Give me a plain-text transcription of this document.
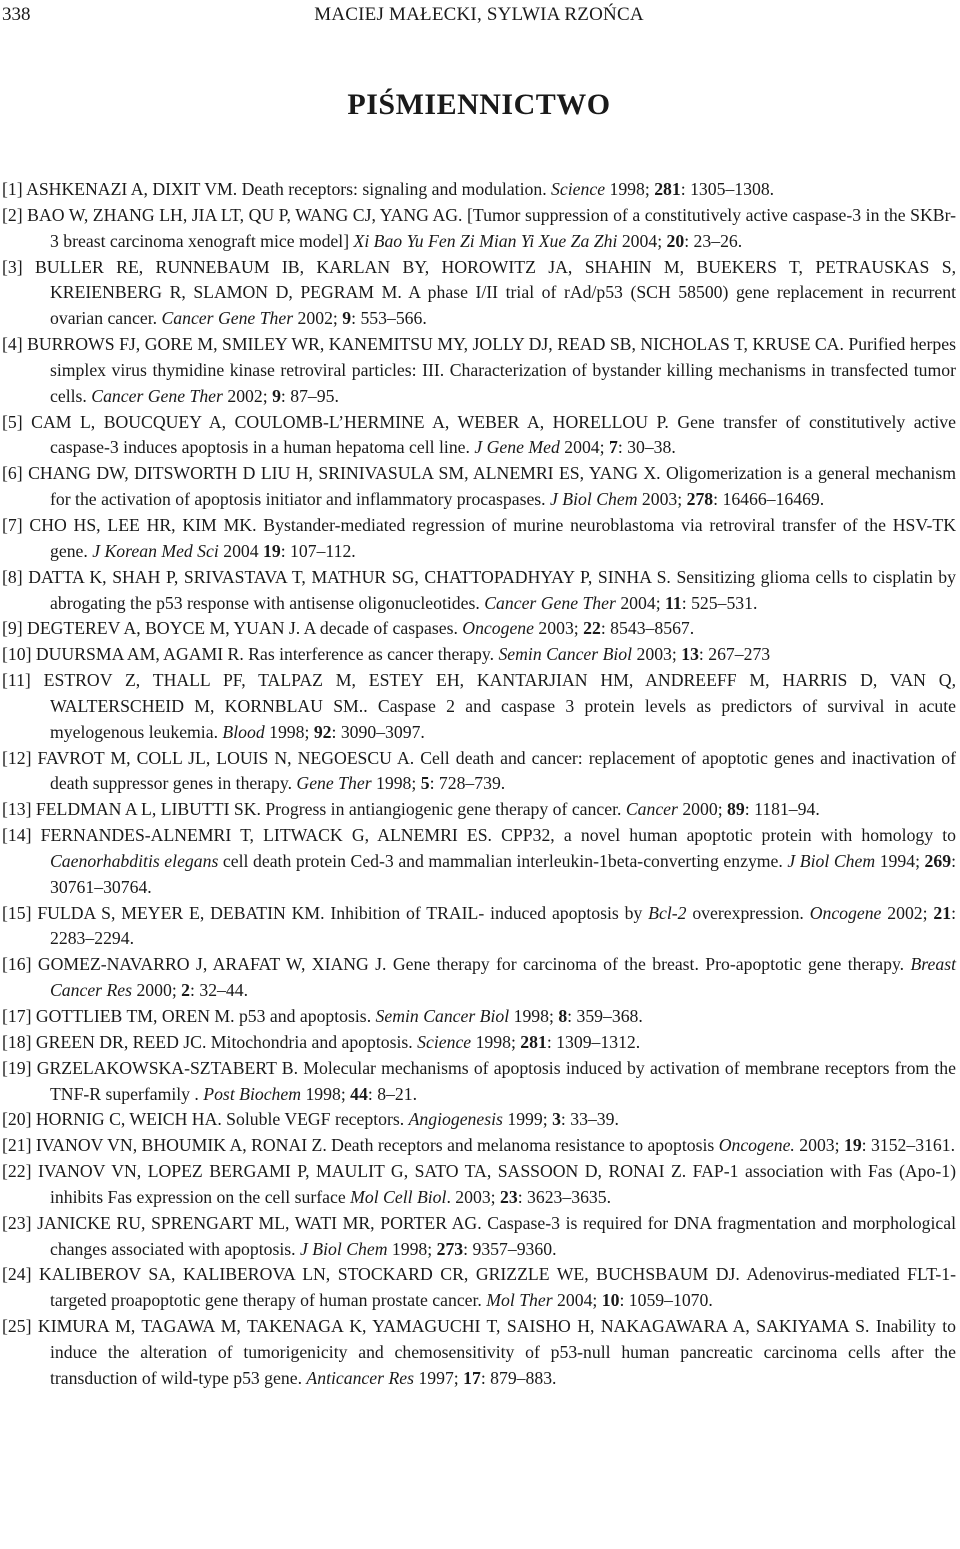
338	MACIEJ MAŁECKI, SYLWIA RZOŃCA
PIŚMIENNICTWO
[1] ASHKENAZI A, DIXIT VM. Death receptors: signaling and modulation. Science 1998; 281: 1305–1308.
[2] BAO W, ZHANG LH, JIA LT, QU P, WANG CJ, YANG AG. [Tumor suppression of a constitutively active caspase-3 in the SKBr-3 breast carcinoma xenograft mice model] Xi Bao Yu Fen Zi Mian Yi Xue Za Zhi 2004; 20: 23–26.
[3] BULLER RE, RUNNEBAUM IB, KARLAN BY, HOROWITZ JA, SHAHIN M, BUEKERS T, PETRAUSKAS S, KREIENBERG R, SLAMON D, PEGRAM M. A phase I/II trial of rAd/p53 (SCH 58500) gene replacement in recurrent ovarian cancer. Cancer Gene Ther 2002; 9: 553–566.
[4] BURROWS FJ, GORE M, SMILEY WR, KANEMITSU MY, JOLLY DJ, READ SB, NICHOLAS T, KRUSE CA. Purified herpes simplex virus thymidine kinase retroviral particles: III. Characterization of bystander killing mechanisms in transfected tumor cells. Cancer Gene Ther 2002; 9: 87–95.
[5] CAM L, BOUCQUEY A, COULOMB-L’HERMINE A, WEBER A, HORELLOU P. Gene transfer of constitutively active caspase-3 induces apoptosis in a human hepatoma cell line. J Gene Med 2004; 7: 30–38.
[6] CHANG DW, DITSWORTH D LIU H, SRINIVASULA SM, ALNEMRI ES, YANG X. Oligomerization is a general mechanism for the activation of apoptosis initiator and inflammatory procaspases. J Biol Chem 2003; 278: 16466–16469.
[7] CHO HS, LEE HR, KIM MK. Bystander-mediated regression of murine neuroblastoma via retroviral transfer of the HSV-TK gene. J Korean Med Sci 2004 19: 107–112.
[8] DATTA K, SHAH P, SRIVASTAVA T, MATHUR SG, CHATTOPADHYAY P, SINHA S. Sensitizing glioma cells to cisplatin by abrogating the p53 response with antisense oligonucleotides. Cancer Gene Ther 2004; 11: 525–531.
[9] DEGTEREV A, BOYCE M, YUAN J. A decade of caspases. Oncogene 2003; 22: 8543–8567.
[10] DUURSMA AM, AGAMI R. Ras interference as cancer therapy. Semin Cancer Biol 2003; 13: 267–273
[11] ESTROV Z, THALL PF, TALPAZ M, ESTEY EH, KANTARJIAN HM, ANDREEFF M, HARRIS D, VAN Q, WALTERSCHEID M, KORNBLAU SM.. Caspase 2 and caspase 3 protein levels as predictors of survival in acute myelogenous leukemia. Blood 1998; 92: 3090–3097.
[12] FAVROT M, COLL JL, LOUIS N, NEGOESCU A. Cell death and cancer: replacement of apoptotic genes and inactivation of death suppressor genes in therapy. Gene Ther 1998; 5: 728–739.
[13] FELDMAN A L, LIBUTTI SK. Progress in antiangiogenic gene therapy of cancer. Cancer 2000; 89: 1181–94.
[14] FERNANDES-ALNEMRI T, LITWACK G, ALNEMRI ES. CPP32, a novel human apoptotic protein with homology to Caenorhabditis elegans cell death protein Ced-3 and mammalian interleukin-1beta-converting enzyme. J Biol Chem 1994; 269: 30761–30764.
[15] FULDA S, MEYER E, DEBATIN KM. Inhibition of TRAIL- induced apoptosis by Bcl-2 overexpression. Oncogene 2002; 21: 2283–2294.
[16] GOMEZ-NAVARRO J, ARAFAT W, XIANG J. Gene therapy for carcinoma of the breast. Pro-apoptotic gene therapy. Breast Cancer Res 2000; 2: 32–44.
[17] GOTTLIEB TM, OREN M. p53 and apoptosis. Semin Cancer Biol 1998; 8: 359–368.
[18] GREEN DR, REED JC. Mitochondria and apoptosis. Science 1998; 281: 1309–1312.
[19] GRZELAKOWSKA-SZTABERT B. Molecular mechanisms of apoptosis induced by activation of membrane receptors from the TNF-R superfamily . Post Biochem 1998; 44: 8–21.
[20] HORNIG C, WEICH HA. Soluble VEGF receptors. Angiogenesis 1999; 3: 33–39.
[21] IVANOV VN, BHOUMIK A, RONAI Z. Death receptors and melanoma resistance to apoptosis Oncogene. 2003; 19: 3152–3161.
[22] IVANOV VN, LOPEZ BERGAMI P, MAULIT G, SATO TA, SASSOON D, RONAI Z. FAP-1 association with Fas (Apo-1) inhibits Fas expression on the cell surface Mol Cell Biol. 2003; 23: 3623–3635.
[23] JANICKE RU, SPRENGART ML, WATI MR, PORTER AG. Caspase-3 is required for DNA fragmentation and morphological changes associated with apoptosis. J Biol Chem 1998; 273: 9357–9360.
[24] KALIBEROV SA, KALIBEROVA LN, STOCKARD CR, GRIZZLE WE, BUCHSBAUM DJ. Adenovirus-mediated FLT-1-targeted proapoptotic gene therapy of human prostate cancer. Mol Ther 2004; 10: 1059–1070.
[25] KIMURA M, TAGAWA M, TAKENAGA K, YAMAGUCHI T, SAISHO H, NAKAGAWARA A, SAKIYAMA S. Inability to induce the alteration of tumorigenicity and chemosensitivity of p53-null human pancreatic carcinoma cells after the transduction of wild-type p53 gene. Anticancer Res 1997; 17: 879–883.
